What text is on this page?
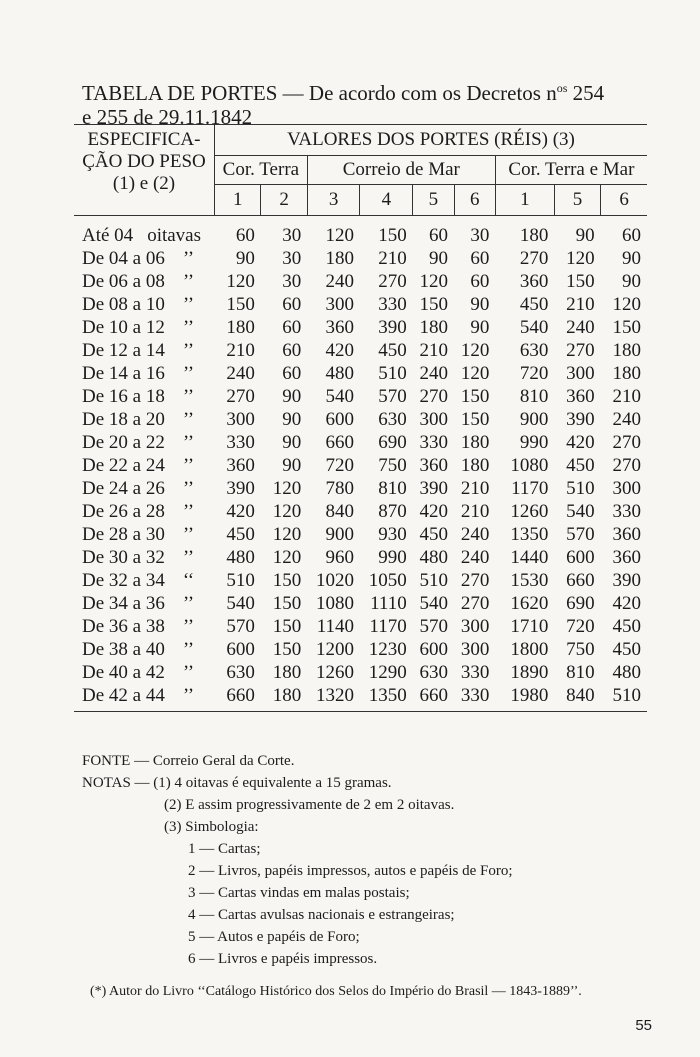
TABELA DE PORTES — De acordo com os Decretos $n^{os}$ 254
e 255 de 29.11.1842
ESPECIFICA-
ÇÃO DO PESO
(1) e (2)	VALORES DOS PORTES (RÉIS) (3)								
	Cor. Terra		Correio de Mar				Cor. Terra e Mar		
	1	2	3	4	5	6	1	5	6
Até 04 oitavas	60	30	120	150	60	30	180	90	60
De 04 a 06 ’’	90	30	180	210	90	60	270	120	90
De 06 a 08 ’’	120	30	240	270	120	60	360	150	90
De 08 a 10 ’’	150	60	300	330	150	90	450	210	120
De 10 a 12 ’’	180	60	360	390	180	90	540	240	150
De 12 a 14 ’’	210	60	420	450	210	120	630	270	180
De 14 a 16 ’’	240	60	480	510	240	120	720	300	180
De 16 a 18 ’’	270	90	540	570	270	150	810	360	210
De 18 a 20 ’’	300	90	600	630	300	150	900	390	240
De 20 a 22 ’’	330	90	660	690	330	180	990	420	270
De 22 a 24 ’’	360	90	720	750	360	180	1080	450	270
De 24 a 26 ’’	390	120	780	810	390	210	1170	510	300
De 26 a 28 ’’	420	120	840	870	420	210	1260	540	330
De 28 a 30 ’’	450	120	900	930	450	240	1350	570	360
De 30 a 32 ’’	480	120	960	990	480	240	1440	600	360
De 32 a 34 ‘‘	510	150	1020	1050	510	270	1530	660	390
De 34 a 36 ’’	540	150	1080	1110	540	270	1620	690	420
De 36 a 38 ’’	570	150	1140	1170	570	300	1710	720	450
De 38 a 40 ’’	600	150	1200	1230	600	300	1800	750	450
De 40 a 42 ’’	630	180	1260	1290	630	330	1890	810	480
De 42 a 44 ’’	660	180	1320	1350	660	330	1980	840	510
FONTE — Correio Geral da Corte.
NOTAS — (1) 4 oitavas é equivalente a 15 gramas.
(2) E assim progressivamente de 2 em 2 oitavas.
(3) Simbologia:
1 — Cartas;
2 — Livros, papéis impressos, autos e papéis de Foro;
3 — Cartas vindas em malas postais;
4 — Cartas avulsas nacionais e estrangeiras;
5 — Autos e papéis de Foro;
6 — Livros e papéis impressos.
(*) Autor do Livro ‘‘Catálogo Histórico dos Selos do Império do Brasil — 1843-1889’’.
55
